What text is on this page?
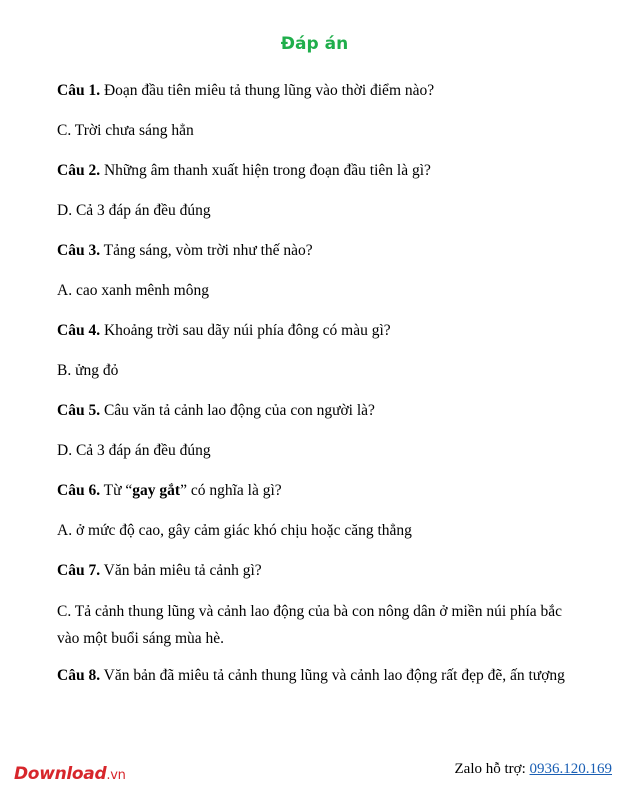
Đáp án

Câu 1. Đoạn đầu tiên miêu tả thung lũng vào thời điểm nào?

C. Trời chưa sáng hẳn

Câu 2. Những âm thanh xuất hiện trong đoạn đầu tiên là gì?

D. Cả 3 đáp án đều đúng

Câu 3. Tảng sáng, vòm trời như thế nào?

A. cao xanh mênh mông

Câu 4. Khoảng trời sau dãy núi phía đông có màu gì?

B. ửng đỏ

Câu 5. Câu văn tả cảnh lao động của con người là?

D. Cả 3 đáp án đều đúng

Câu 6. Từ “gay gắt” có nghĩa là gì?

A. ở mức độ cao, gây cảm giác khó chịu hoặc căng thẳng

Câu 7. Văn bản miêu tả cảnh gì?

C. Tả cảnh thung lũng và cảnh lao động của bà con nông dân ở miền núi phía bắc
vào một buổi sáng mùa hè.

Câu 8. Văn bản đã miêu tả cảnh thung lũng và cảnh lao động rất đẹp đẽ, ấn tượng

Download.vn	Zalo hỗ trợ: 0936.120.169
